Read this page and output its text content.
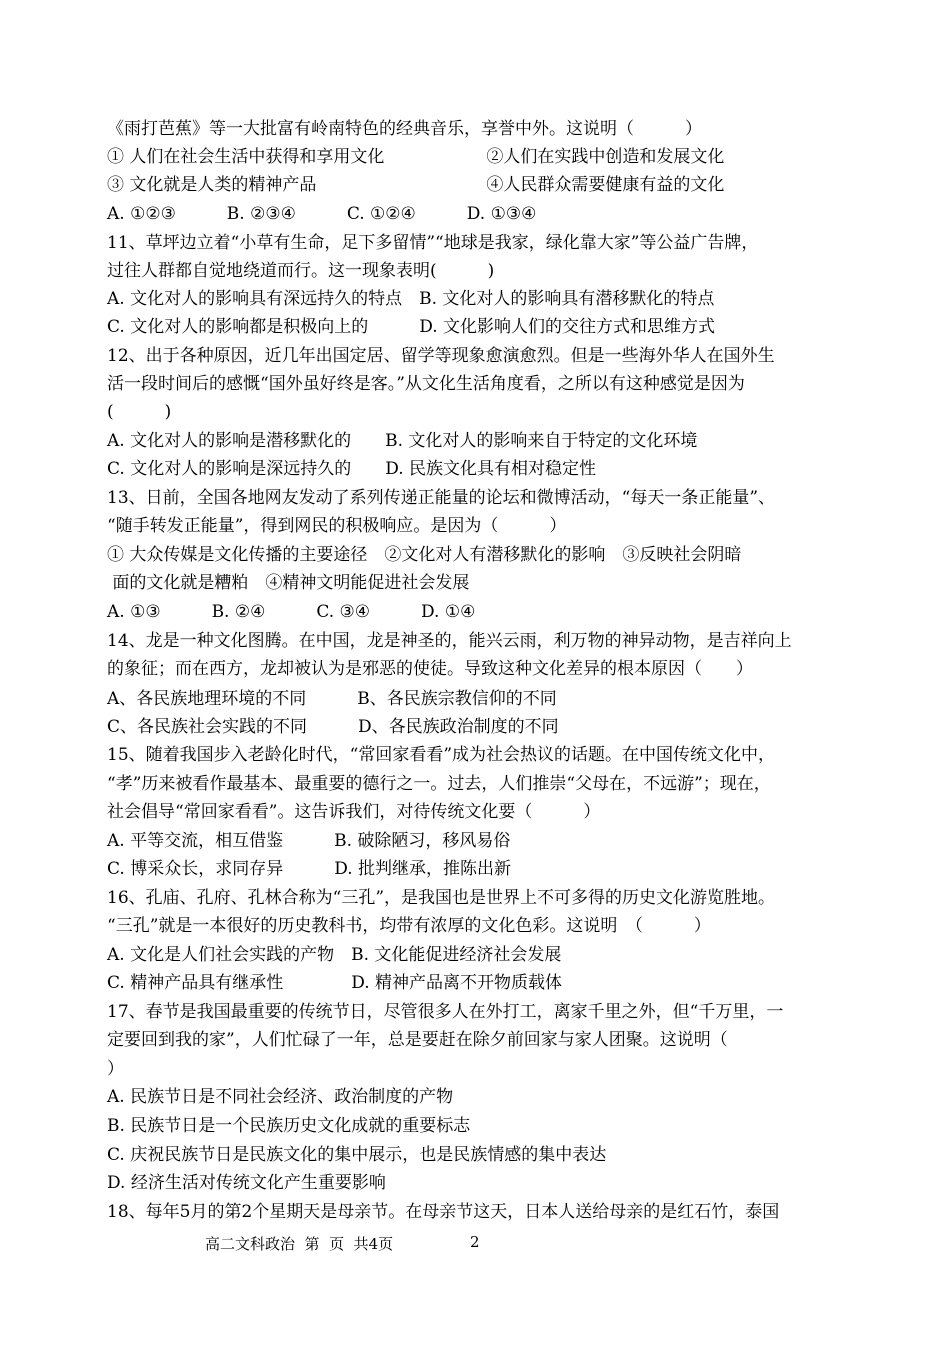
《雨打芭蕉》等一大批富有岭南特色的经典音乐，享誉中外。这说明（　　　）
① 人们在社会生活中获得和享用文化　　　　　　②人们在实践中创造和发展文化
③ 文化就是人类的精神产品　　　　　　　　　　④人民群众需要健康有益的文化
A. ①②③　　　B. ②③④　　　C. ①②④　　　D. ①③④
11、草坪边立着“小草有生命，足下多留情”“地球是我家，绿化靠大家”等公益广告牌，
过往人群都自觉地绕道而行。这一现象表明(　　　)
A. 文化对人的影响具有深远持久的特点　B. 文化对人的影响具有潜移默化的特点
C. 文化对人的影响都是积极向上的　　　D. 文化影响人们的交往方式和思维方式
12、出于各种原因，近几年出国定居、留学等现象愈演愈烈。但是一些海外华人在国外生
活一段时间后的感慨“国外虽好终是客。”从文化生活角度看，之所以有这种感觉是因为
(　　　)
A. 文化对人的影响是潜移默化的　　B. 文化对人的影响来自于特定的文化环境
C. 文化对人的影响是深远持久的　　D. 民族文化具有相对稳定性
13、日前，全国各地网友发动了系列传递正能量的论坛和微博活动，“每天一条正能量”、
“随手转发正能量”，得到网民的积极响应。是因为（　　　）
① 大众传媒是文化传播的主要途径　②文化对人有潜移默化的影响　③反映社会阴暗
面的文化就是糟粕　④精神文明能促进社会发展
A. ①③　　　B. ②④　　　C. ③④　　　D. ①④
14、龙是一种文化图腾。在中国，龙是神圣的，能兴云雨，利万物的神异动物，是吉祥向上
的象征；而在西方，龙却被认为是邪恶的使徒。导致这种文化差异的根本原因（　　）
A、各民族地理环境的不同　　　B、各民族宗教信仰的不同
C、各民族社会实践的不同　　　D、各民族政治制度的不同
15、随着我国步入老龄化时代，“常回家看看”成为社会热议的话题。在中国传统文化中，
“孝”历来被看作最基本、最重要的德行之一。过去，人们推崇“父母在，不远游”；现在，
社会倡导“常回家看看”。这告诉我们，对待传统文化要（　　　）
A. 平等交流，相互借鉴　　　B. 破除陋习，移风易俗
C. 博采众长，求同存异　　　D. 批判继承，推陈出新
16、孔庙、孔府、孔林合称为“三孔”，是我国也是世界上不可多得的历史文化游览胜地。
“三孔”就是一本很好的历史教科书，均带有浓厚的文化色彩。这说明　（　　　）
A. 文化是人们社会实践的产物　B. 文化能促进经济社会发展
C. 精神产品具有继承性　　　　D. 精神产品离不开物质载体
17、春节是我国最重要的传统节日，尽管很多人在外打工，离家千里之外，但“千万里，一
定要回到我的家”，人们忙碌了一年，总是要赶在除夕前回家与家人团聚。这说明（
）
A. 民族节日是不同社会经济、政治制度的产物
B. 民族节日是一个民族历史文化成就的重要标志
C. 庆祝民族节日是民族文化的集中展示，也是民族情感的集中表达
D. 经济生活对传统文化产生重要影响
18、每年5月的第2个星期天是母亲节。在母亲节这天，日本人送给母亲的是红石竹，泰国
高二文科政治  第  页  共4页	2
